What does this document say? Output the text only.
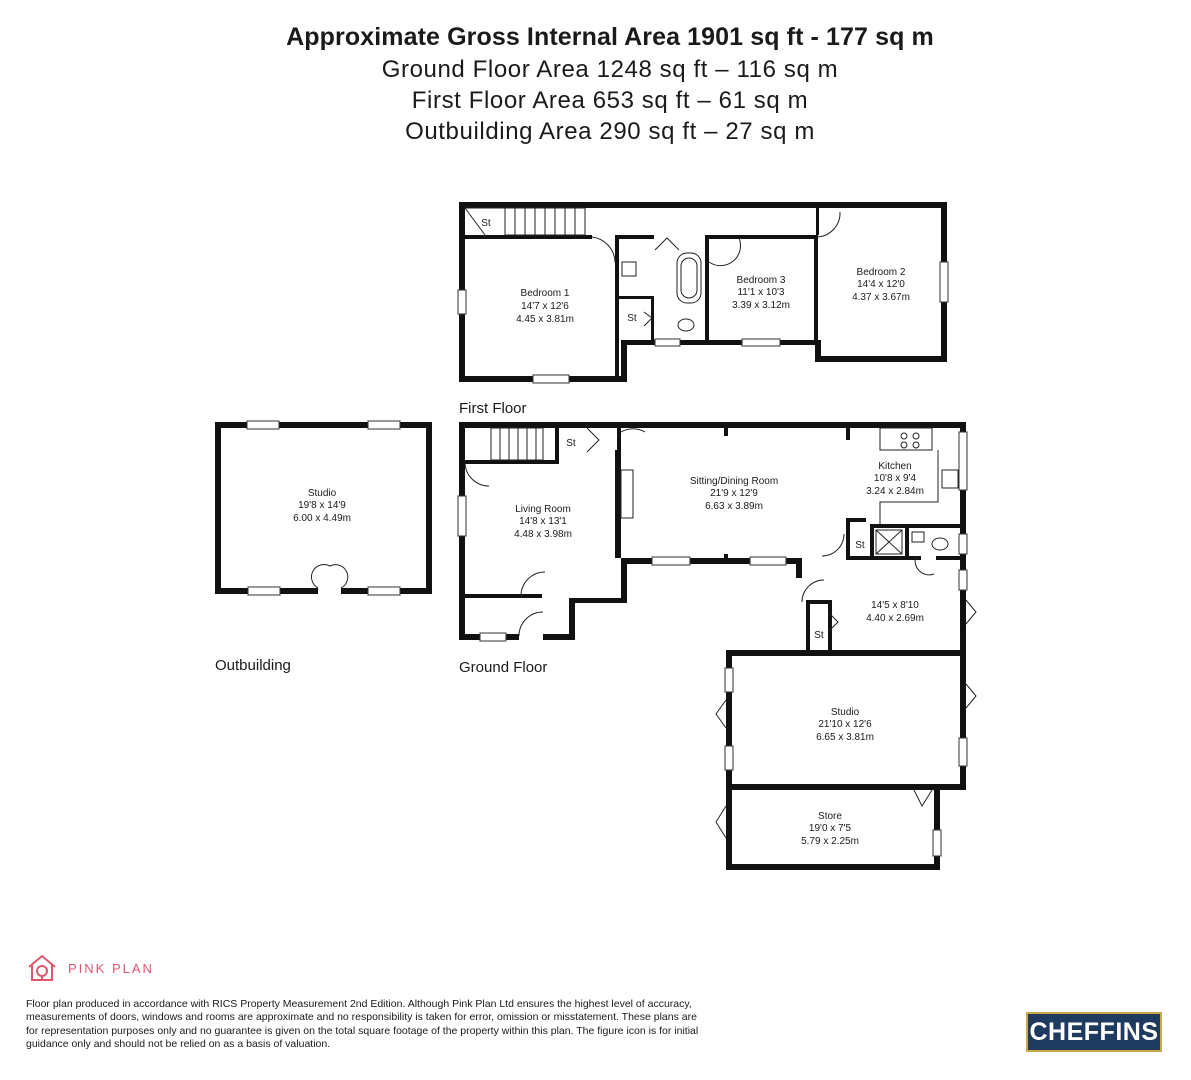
Approximate Gross Internal Area 1901 sq ft - 177 sq m
Ground Floor Area 1248 sq ft – 116 sq m
First Floor Area 653 sq ft – 61 sq m
Outbuilding Area 290 sq ft – 27 sq m
St
St
Bedroom 1
14'7 x 12'6
4.45 x 3.81m
Bedroom 3
11'1 x 10'3
3.39 x 3.12m
Bedroom 2
14'4 x 12'0
4.37 x 3.67m
First Floor
Studio
19'8 x 14'9
6.00 x 4.49m
Outbuilding
St
St
St
Living Room
14'8 x 13'1
4.48 x 3.98m
Sitting/Dining Room
21'9 x 12'9
6.63 x 3.89m
Kitchen
10'8 x 9'4
3.24 x 2.84m
14'5 x 8'10
4.40 x 2.69m
Studio
21'10 x 12'6
6.65 x 3.81m
Store
19'0 x 7'5
5.79 x 2.25m
Ground Floor
PINK PLAN
Floor plan produced in accordance with RICS Property Measurement 2nd Edition. Although Pink Plan Ltd ensures the highest level of accuracy, measurements of doors, windows and rooms are approximate and no responsibility is taken for error, omission or misstatement. These plans are for representation purposes only and no guarantee is given on the total square footage of the property within this plan. The figure icon is for initial guidance only and should not be relied on as a basis of valuation.	CHEFFINS
